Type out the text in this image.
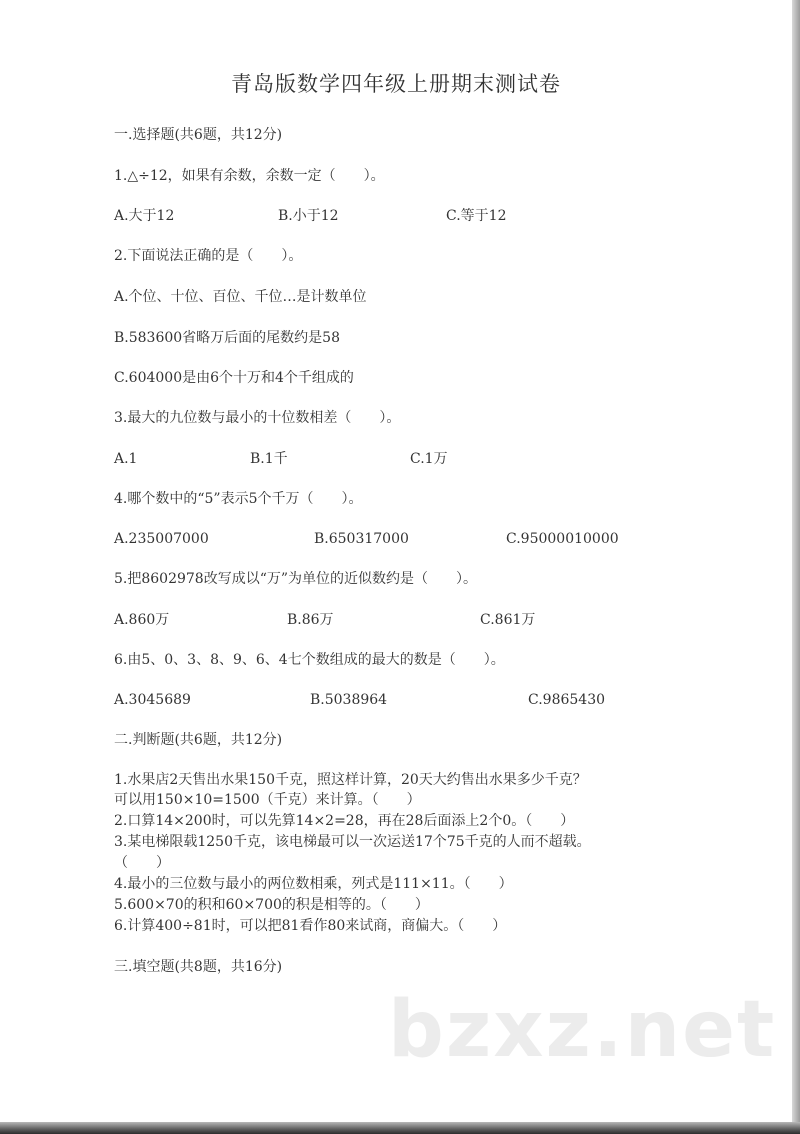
青岛版数学四年级上册期末测试卷
一.选择题(共6题，共12分)
1.△÷12，如果有余数，余数一定（　　）。
A.大于12	B.小于12	C.等于12
2.下面说法正确的是（　　）。
A.个位、十位、百位、千位…是计数单位
B.583600省略万后面的尾数约是58
C.604000是由6个十万和4个千组成的
3.最大的九位数与最小的十位数相差（　　）。
A.1	B.1千	C.1万
4.哪个数中的“5”表示5个千万（　　）。
A.235007000	B.650317000	C.95000010000
5.把8602978改写成以“万”为单位的近似数约是（　　）。
A.860万	B.86万	C.861万
6.由5、0、3、8、9、6、4七个数组成的最大的数是（　　）。
A.3045689	B.5038964	C.9865430
二.判断题(共6题，共12分)
1.水果店2天售出水果150千克，照这样计算，20天大约售出水果多少千克？
可以用150×10=1500（千克）来计算。（　　）
2.口算14×200时，可以先算14×2=28，再在28后面添上2个0。（　　）
3.某电梯限载1250千克，该电梯最可以一次运送17个75千克的人而不超载。
（　　）
4.最小的三位数与最小的两位数相乘，列式是111×11。（　　）
5.600×70的积和60×700的积是相等的。（　　）
6.计算400÷81时，可以把81看作80来试商，商偏大。（　　）
三.填空题(共8题，共16分)
bzxz.net
